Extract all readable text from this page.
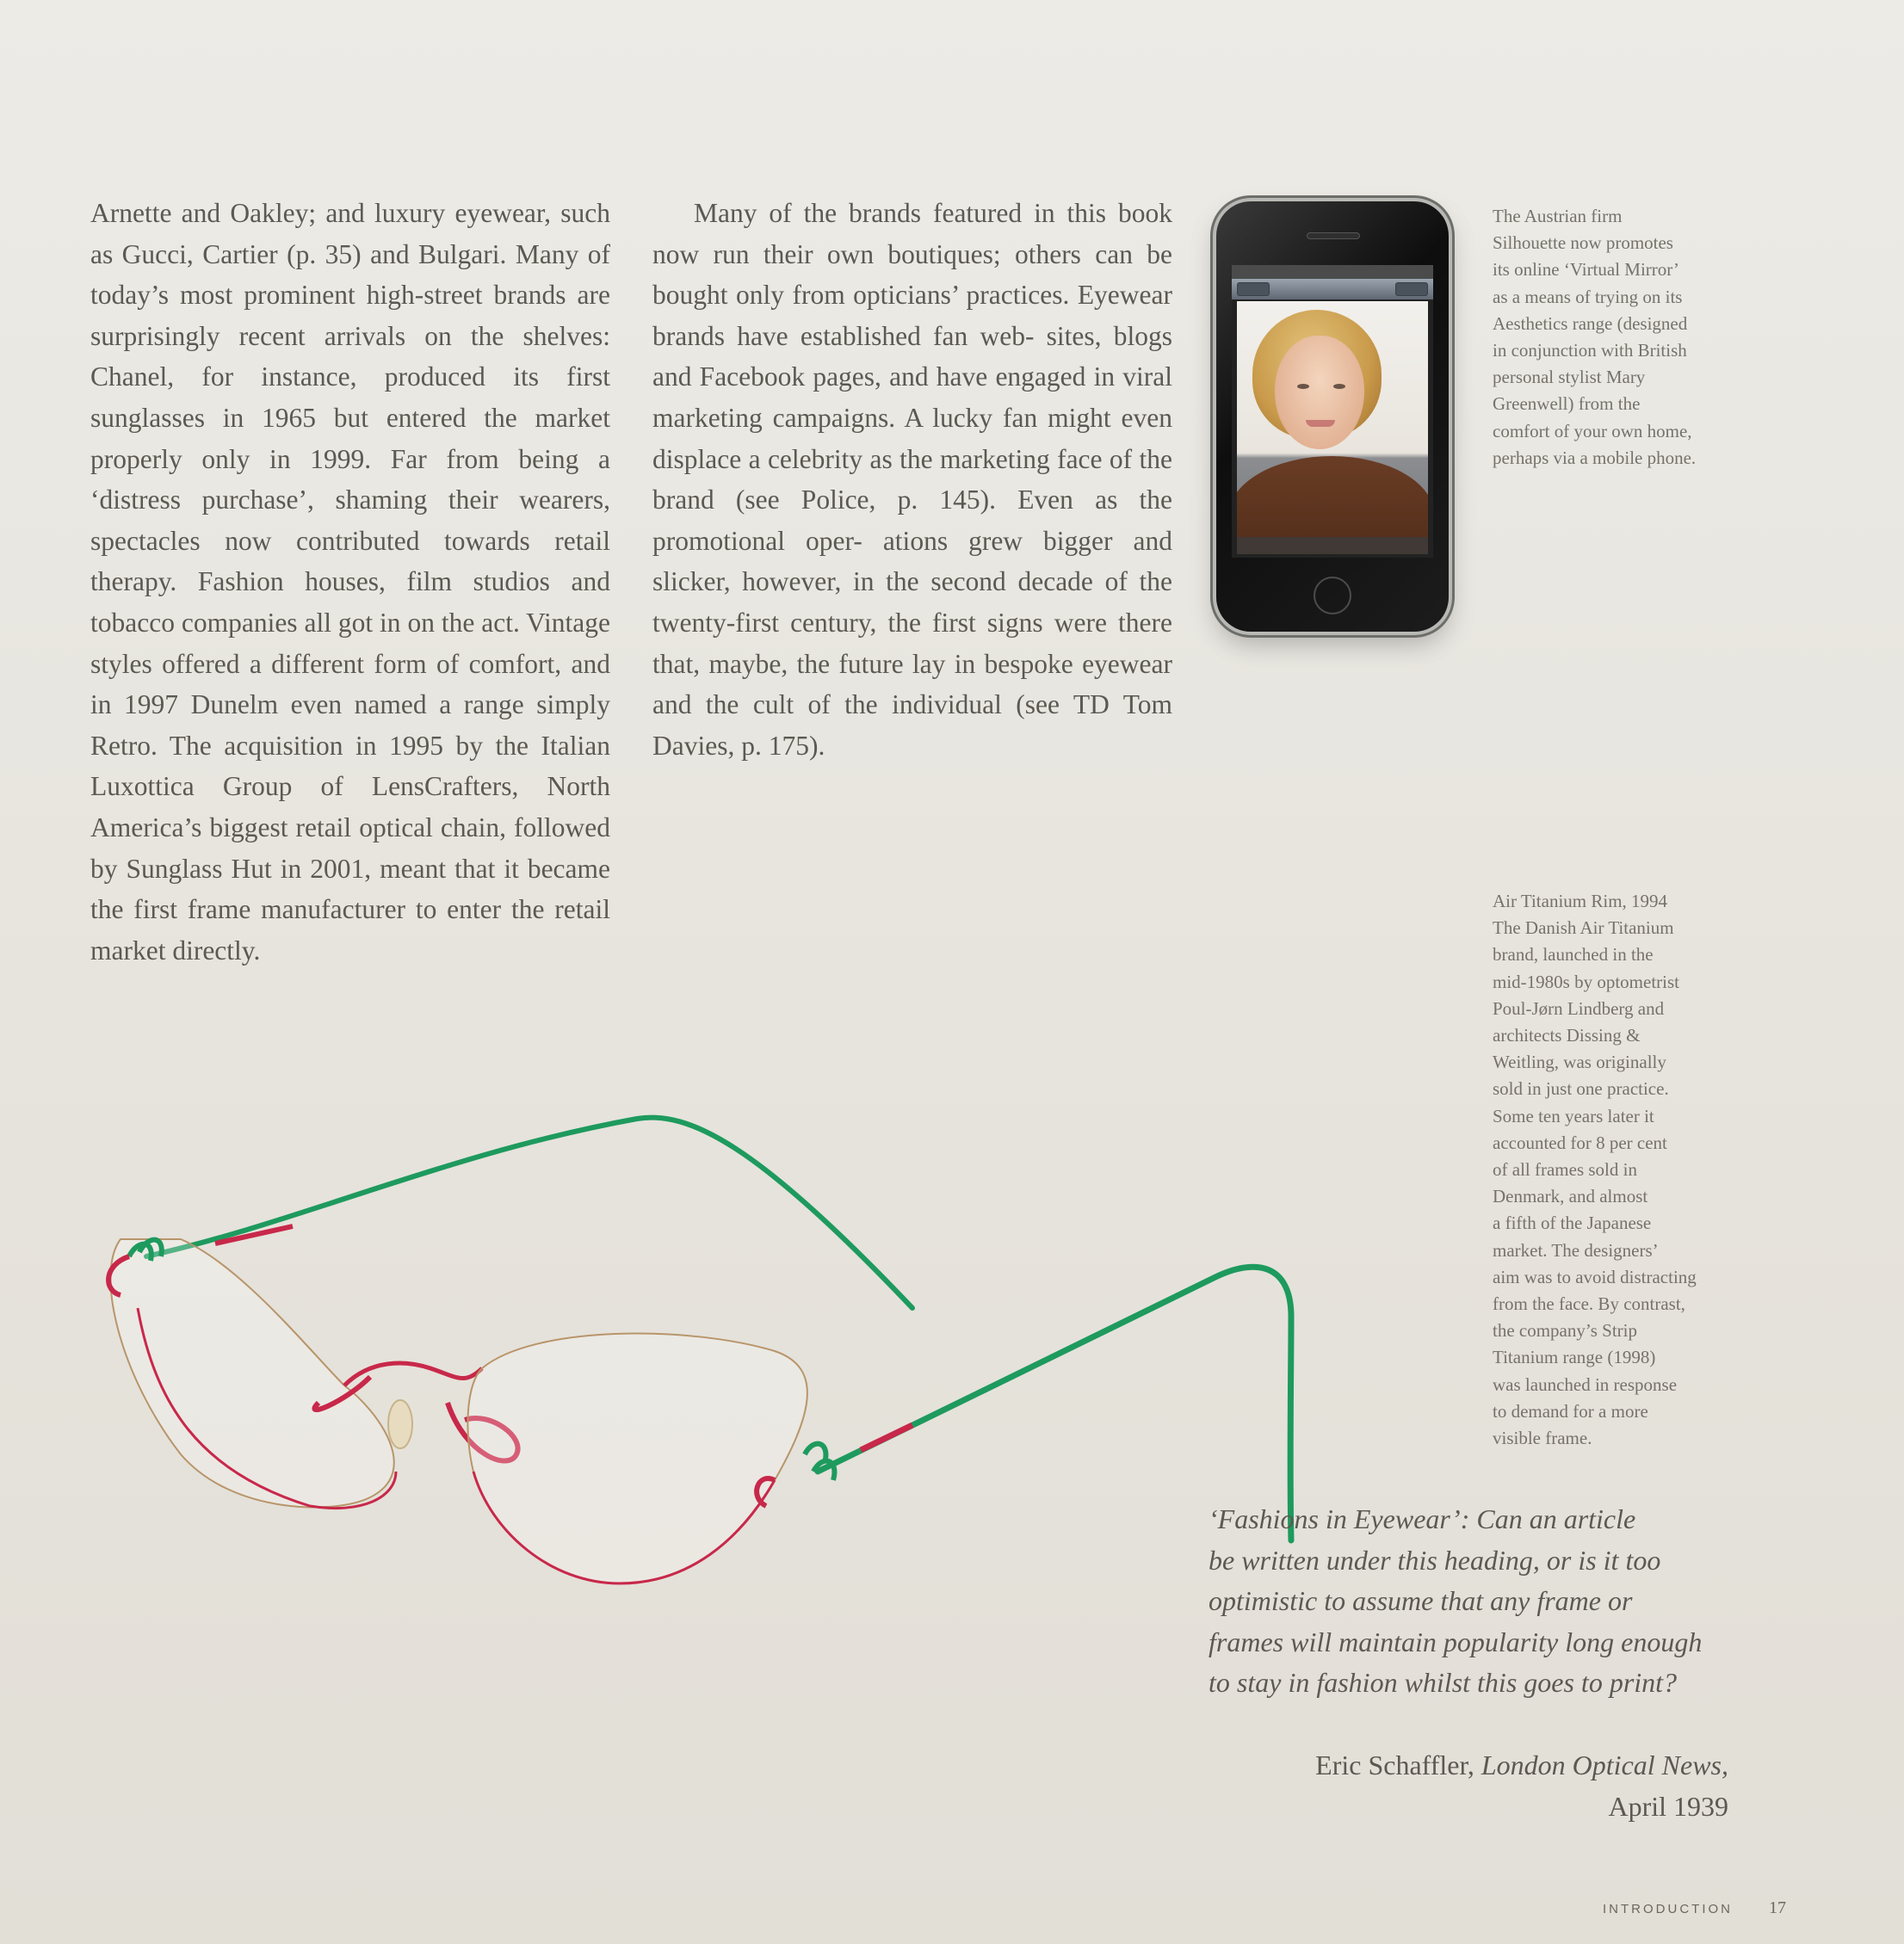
Arnette and Oakley; and luxury eyewear, such as Gucci, Cartier (p. 35) and Bulgari. Many of today’s most prominent high-street brands are surprisingly recent arrivals on the shelves: Chanel, for instance, produced its first sunglasses in 1965 but entered the market properly only in 1999. Far from being a ‘distress purchase’, shaming their wearers, spectacles now contributed towards retail therapy. Fashion houses, film studios and tobacco companies all got in on the act. Vintage styles offered a different form of comfort, and in 1997 Dunelm even named a range simply Retro. The acquisition in 1995 by the Italian Luxottica Group of LensCrafters, North America’s biggest retail optical chain, followed by Sunglass Hut in 2001, meant that it became the first frame manufacturer to enter the retail market directly.

Many of the brands featured in this book now run their own boutiques; others can be bought only from opticians’ practices. Eyewear brands have established fan web- sites, blogs and Facebook pages, and have engaged in viral marketing campaigns. A lucky fan might even displace a celebrity as the marketing face of the brand (see Police, p. 145). Even as the promotional oper- ations grew bigger and slicker, however, in the second decade of the twenty-first century, the first signs were there that, maybe, the future lay in bespoke eyewear and the cult of the individual (see TD Tom Davies, p. 175).

The Austrian firm
Silhouette now promotes
its online ‘Virtual Mirror’
as a means of trying on its
Aesthetics range (designed
in conjunction with British
personal stylist Mary
Greenwell) from the
comfort of your own home,
perhaps via a mobile phone.
Air Titanium Rim, 1994
The Danish Air Titanium
brand, launched in the
mid-1980s by optometrist
Poul-Jørn Lindberg and
architects Dissing &
Weitling, was originally
sold in just one practice.
Some ten years later it
accounted for 8 per cent
of all frames sold in
Denmark, and almost
a fifth of the Japanese
market. The designers’
aim was to avoid distracting
from the face. By contrast,
the company’s Strip
Titanium range (1998)
was launched in response
to demand for a more
visible frame.
‘Fashions in Eyewear’: Can an article
be written under this heading, or is it too
optimistic to assume that any frame or
frames will maintain popularity long enough
to stay in fashion whilst this goes to print?
Eric Schaffler, London Optical News,
April 1939
INTRODUCTION 17
